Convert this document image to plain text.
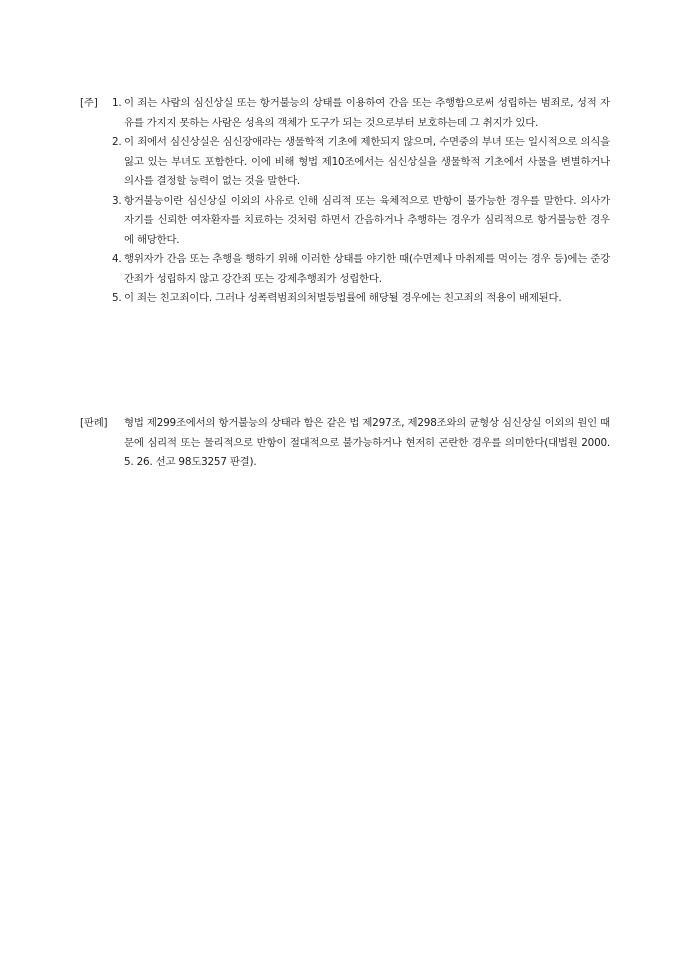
[주]	1. 이 죄는 사람의 심신상실 또는 항거불능의 상태를 이용하여 간음 또는 추행함으로써 성립하는 범죄로, 성적 자유를 가지지 못하는 사람은 성욕의 객체가 도구가 되는 것으로부터 보호하는데 그 취지가 있다.
2. 이 죄에서 심신상실은 심신장애라는 생물학적 기초에 제한되지 않으며, 수면중의 부녀 또는 일시적으로 의식을 잃고 있는 부녀도 포함한다. 이에 비해 형법 제10조에서는 심신상실을 생물학적 기초에서 사물을 변별하거나 의사를 결정할 능력이 없는 것을 말한다.
3. 항거불능이란 심신상실 이외의 사유로 인해 심리적 또는 육체적으로 반항이 불가능한 경우를 말한다. 의사가 자기를 신뢰한 여자환자를 치료하는 것처럼 하면서 간음하거나 추행하는 경우가 심리적으로 항거불능한 경우에 해당한다.
4. 행위자가 간음 또는 추행을 행하기 위해 이러한 상태를 야기한 때(수면제나 마취제를 먹이는 경우 등)에는 준강간죄가 성립하지 않고 강간죄 또는 강제추행죄가 성립한다.
5. 이 죄는 친고죄이다. 그러나 성폭력범죄의처벌등법률에 해당될 경우에는 친고죄의 적용이 배제된다.
[판례]	형법 제299조에서의 항거불능의 상태라 함은 같은 법 제297조, 제298조와의 균형상 심신상실 이외의 원인 때문에 심리적 또는 물리적으로 반항이 절대적으로 불가능하거나 현저히 곤란한 경우를 의미한다(대법원 2000. 5. 26. 선고 98도3257 판결).
